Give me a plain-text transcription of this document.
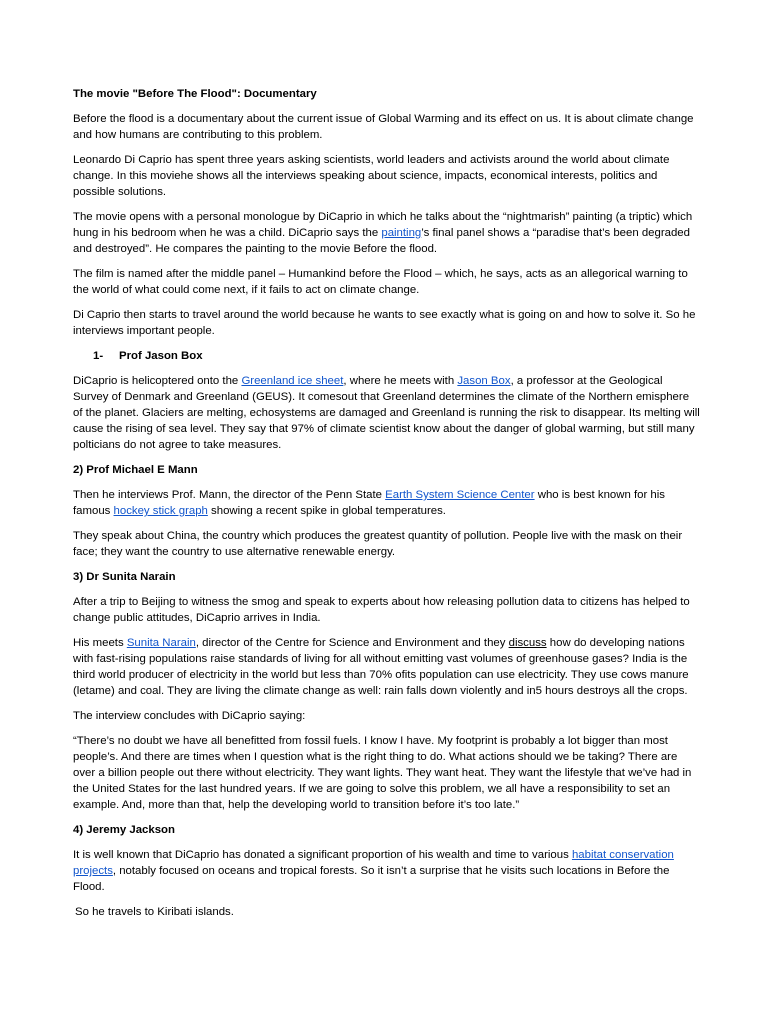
The movie "Before The Flood": Documentary

Before the flood is a documentary about the current issue of Global Warming and its effect on us. It is about climate change and how humans are contributing to this problem.

Leonardo Di Caprio has spent three years asking scientists, world leaders and activists around the world about climate change. In this moviehe shows all the interviews speaking about science, impacts, economical interests, politics and possible solutions.

The movie opens with a personal monologue by DiCaprio in which he talks about the “nightmarish” painting (a triptic) which hung in his bedroom when he was a child. DiCaprio says the painting’s final panel shows a “paradise that’s been degraded and destroyed”. He compares the painting to the movie Before the flood.

The film is named after the middle panel – Humankind before the Flood – which, he says, acts as an allegorical warning to the world of what could come next, if it fails to act on climate change.

Di Caprio then starts to travel around the world because he wants to see exactly what is going on and how to solve it. So he interviews important people.

1- Prof Jason Box

DiCaprio is helicoptered onto the Greenland ice sheet, where he meets with Jason Box, a professor at the Geological Survey of Denmark and Greenland (GEUS). It comesout that Greenland determines the climate of the Northern emisphere of the planet. Glaciers are melting, echosystems are damaged and Greenland is running the risk to disappear. Its melting will cause the rising of sea level. They say that 97% of climate scientist know about the danger of global warming, but still many polticians do not agree to take measures.

2) Prof Michael E Mann

Then he interviews Prof. Mann, the director of the Penn State Earth System Science Center who is best known for his famous hockey stick graph showing a recent spike in global temperatures.

They speak about China, the country which produces the greatest quantity of pollution. People live with the mask on their face; they want the country to use alternative renewable energy.

3) Dr Sunita Narain

After a trip to Beijing to witness the smog and speak to experts about how releasing pollution data to citizens has helped to change public attitudes, DiCaprio arrives in India.

His meets Sunita Narain, director of the Centre for Science and Environment and they discuss how do developing nations with fast-rising populations raise standards of living for all without emitting vast volumes of greenhouse gases? India is the third world producer of electricity in the world but less than 70% ofits population can use electricity. They use cows manure (letame) and coal. They are living the climate change as well: rain falls down violently and in5 hours destroys all the crops.

The interview concludes with DiCaprio saying:

“There’s no doubt we have all benefitted from fossil fuels. I know I have. My footprint is probably a lot bigger than most people’s. And there are times when I question what is the right thing to do. What actions should we be taking? There are over a billion people out there without electricity. They want lights. They want heat. They want the lifestyle that we’ve had in the United States for the last hundred years. If we are going to solve this problem, we all have a responsibility to set an example. And, more than that, help the developing world to transition before it’s too late.”

4) Jeremy Jackson

It is well known that DiCaprio has donated a significant proportion of his wealth and time to various habitat conservation projects, notably focused on oceans and tropical forests. So it isn’t a surprise that he visits such locations in Before the Flood.

So he travels to Kiribati islands.
